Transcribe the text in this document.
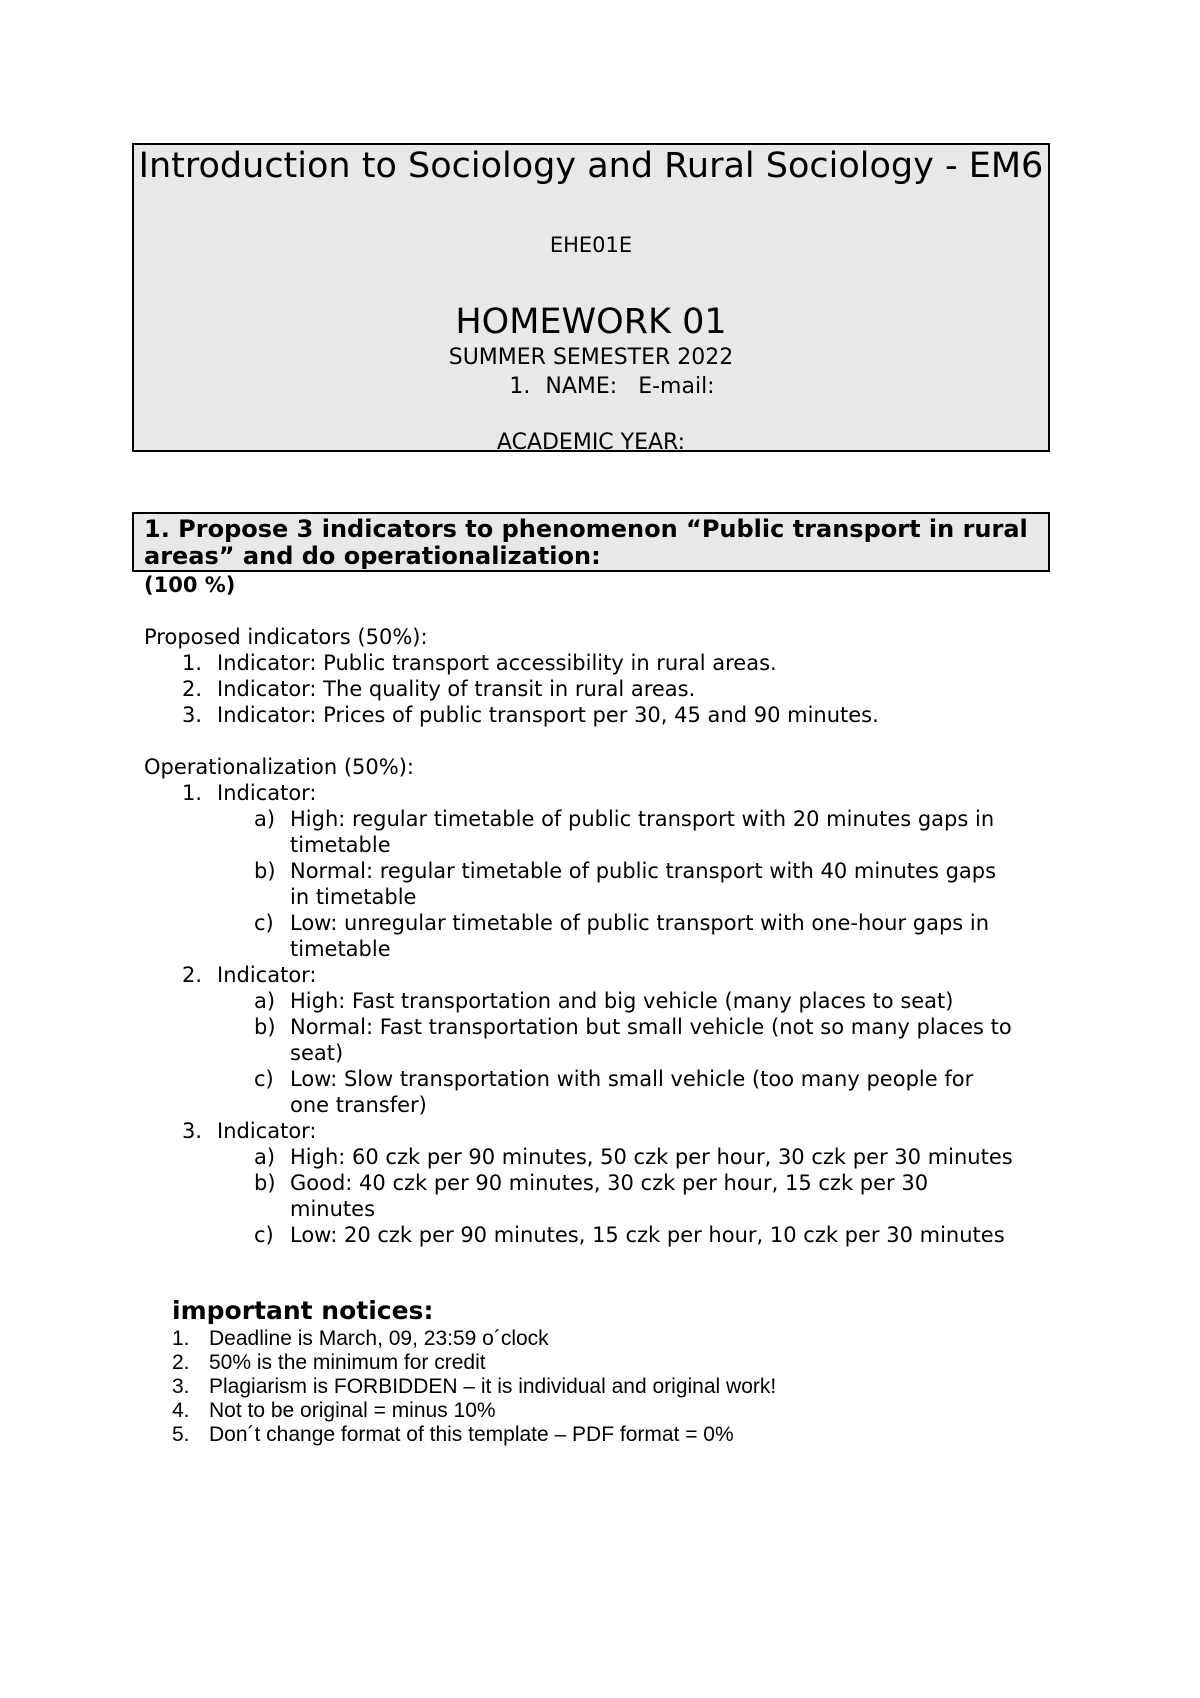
Introduction to Sociology and Rural Sociology - EM6
EHE01E
HOMEWORK 01
SUMMER SEMESTER 2022
1. NAME: E-mail:
ACADEMIC YEAR:
1. Propose 3 indicators to phenomenon “Public transport in rural areas” and do operationalization:
(100 %)
Proposed indicators (50%):
1. Indicator: Public transport accessibility in rural areas.
2. Indicator: The quality of transit in rural areas.
3. Indicator: Prices of public transport per 30, 45 and 90 minutes.
Operationalization (50%):
1. Indicator:
a) High: regular timetable of public transport with 20 minutes gaps in
timetable
b) Normal: regular timetable of public transport with 40 minutes gaps
in timetable
c) Low: unregular timetable of public transport with one-hour gaps in
timetable
2. Indicator:
a) High: Fast transportation and big vehicle (many places to seat)
b) Normal: Fast transportation but small vehicle (not so many places to
seat)
c) Low: Slow transportation with small vehicle (too many people for
one transfer)
3. Indicator:
a) High: 60 czk per 90 minutes, 50 czk per hour, 30 czk per 30 minutes
b) Good: 40 czk per 90 minutes, 30 czk per hour, 15 czk per 30
minutes
c) Low: 20 czk per 90 minutes, 15 czk per hour, 10 czk per 30 minutes
important notices:
1. Deadline is March, 09, 23:59 o´clock
2. 50% is the minimum for credit
3. Plagiarism is FORBIDDEN – it is individual and original work!
4. Not to be original = minus 10%
5. Don´t change format of this template – PDF format = 0%
